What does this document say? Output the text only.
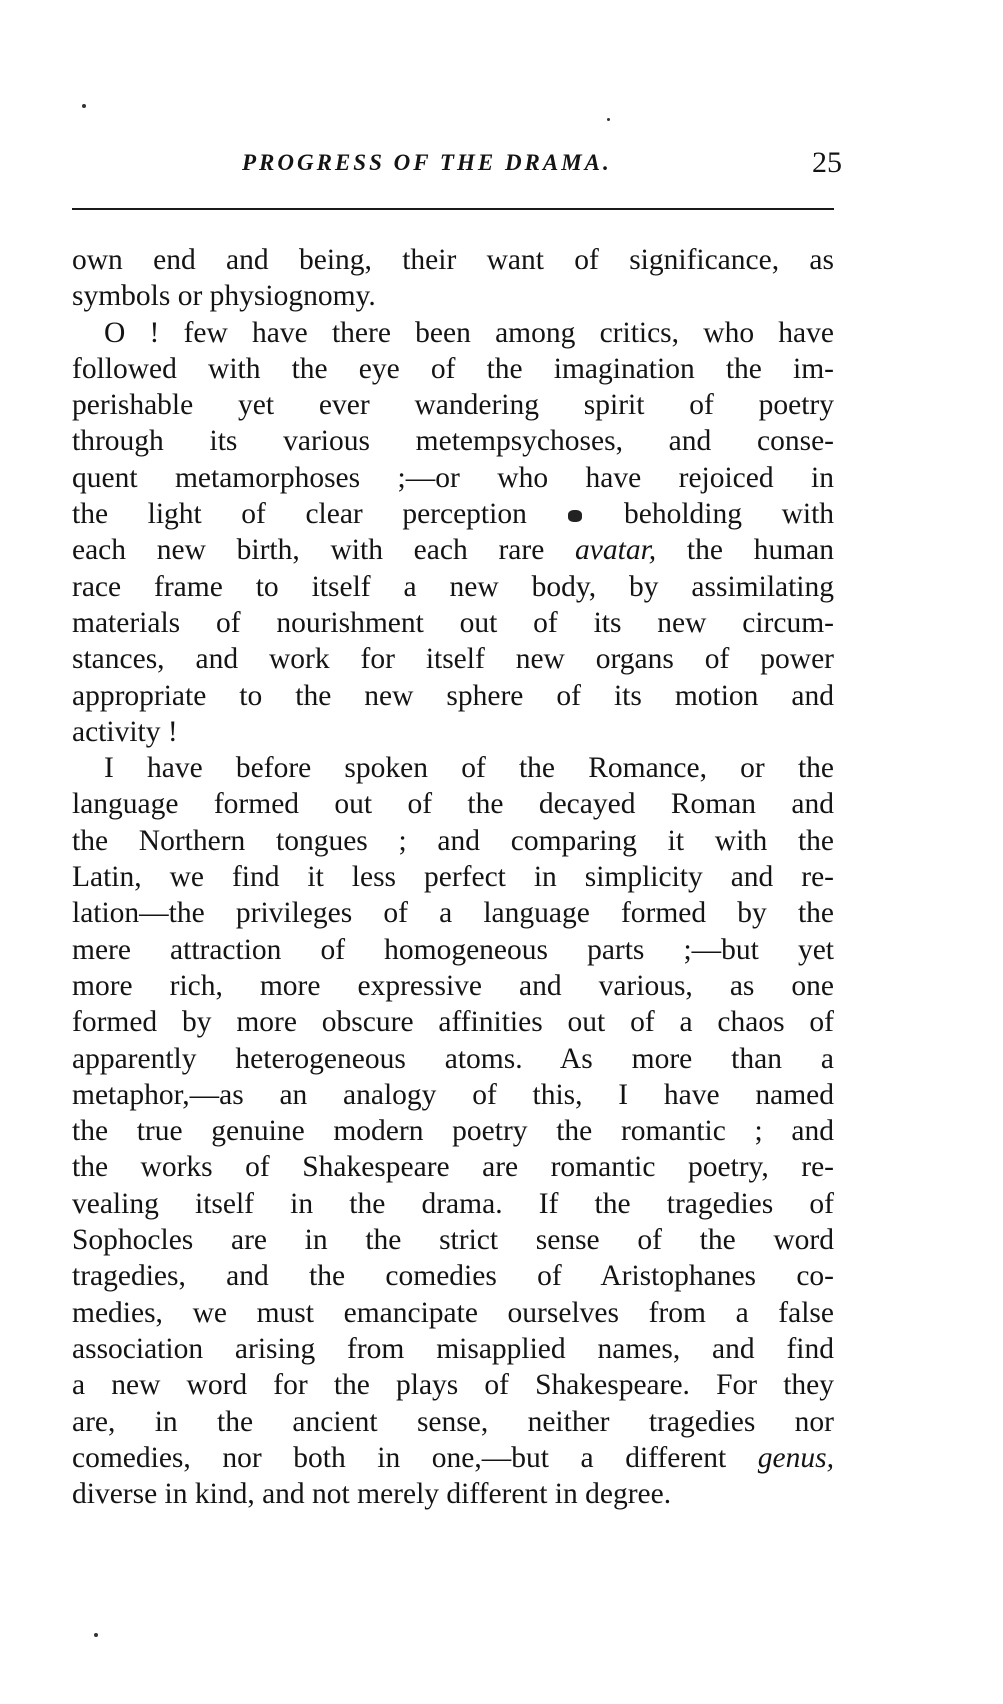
PROGRESS OF THE DRAMA.	25
own end and being, their want of significance, as
symbols or physiognomy.
O ! few have there been among critics, who have
followed with the eye of the imagination the im-
perishable yet ever wandering spirit of poetry
through its various metempsychoses, and conse-
quent metamorphoses ;—or who have rejoiced in
the light of clear perception	beholding with
each new birth, with each rare avatar, the human
race frame to itself a new body, by assimilating
materials of nourishment out of its new circum-
stances, and work for itself new organs of power
appropriate to the new sphere of its motion and
activity !
I have before spoken of the Romance, or the
language formed out of the decayed Roman and
the Northern tongues ; and comparing it with the
Latin, we find it less perfect in simplicity and re-
lation—the privileges of a language formed by the
mere attraction of homogeneous parts ;—but yet
more rich, more expressive and various, as one
formed by more obscure affinities out of a chaos of
apparently heterogeneous atoms. As more than a
metaphor,—as an analogy of this, I have named
the true genuine modern poetry the romantic ; and
the works of Shakespeare are romantic poetry, re-
vealing itself in the drama. If the tragedies of
Sophocles are in the strict sense of the word
tragedies, and the comedies of Aristophanes co-
medies, we must emancipate ourselves from a false
association arising from misapplied names, and find
a new word for the plays of Shakespeare. For they
are, in the ancient sense, neither tragedies nor
comedies, nor both in one,—but a different genus,
diverse in kind, and not merely different in degree.
